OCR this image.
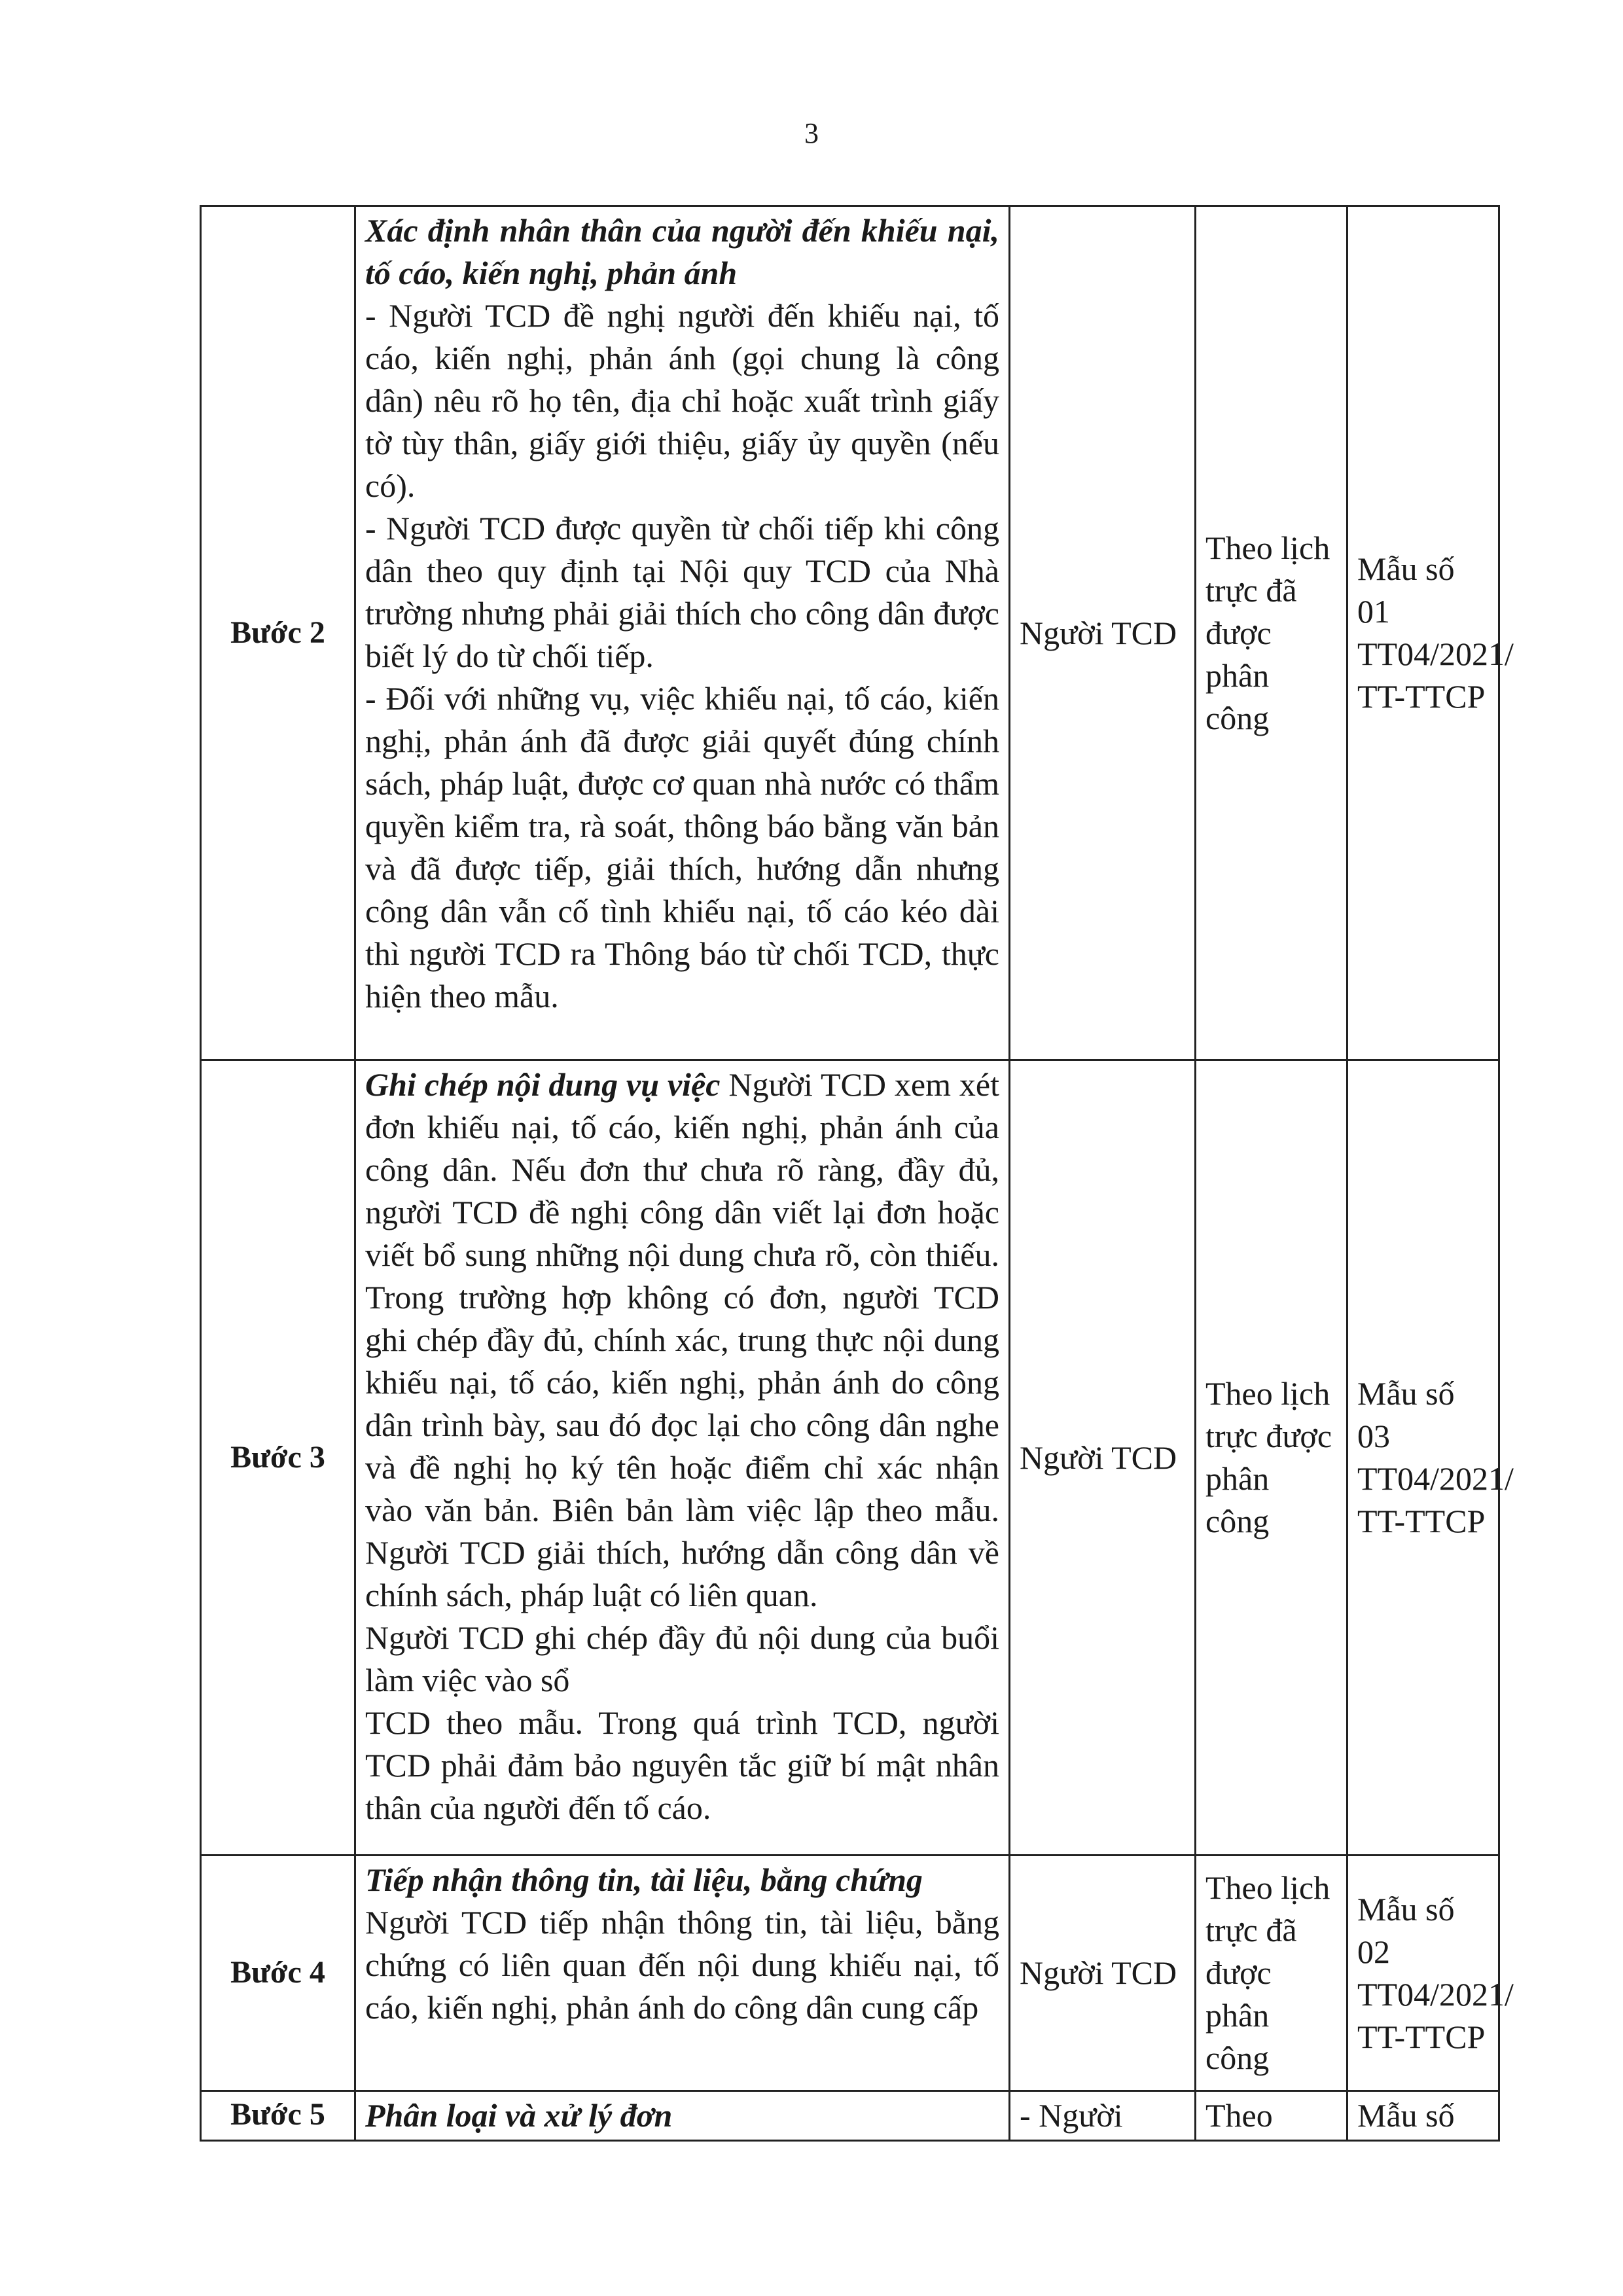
3
Bước 2	Xác định nhân thân của người đến khiếu nại, tố cáo, kiến nghị, phản ánh

- Người TCD đề nghị người đến khiếu nại, tố cáo, kiến nghị, phản ánh (gọi chung là công dân) nêu rõ họ tên, địa chỉ hoặc xuất trình giấy tờ tùy thân, giấy giới thiệu, giấy ủy quyền (nếu có).

- Người TCD được quyền từ chối tiếp khi công dân theo quy định tại Nội quy TCD của Nhà trường nhưng phải giải thích cho công dân được biết lý do từ chối tiếp.

- Đối với những vụ, việc khiếu nại, tố cáo, kiến nghị, phản ánh đã được giải quyết đúng chính sách, pháp luật, được cơ quan nhà nước có thẩm quyền kiểm tra, rà soát, thông báo bằng văn bản và đã được tiếp, giải thích, hướng dẫn nhưng công dân vẫn cố tình khiếu nại, tố cáo kéo dài thì người TCD ra Thông báo từ chối TCD, thực hiện theo mẫu.	Người TCD	Theo lịch trực đã được phân công	Mẫu số 01 TT04/2021/ TT-TTCP
Bước 3	Ghi chép nội dung vụ việc Người TCD xem xét đơn khiếu nại, tố cáo, kiến nghị, phản ánh của công dân. Nếu đơn thư chưa rõ ràng, đầy đủ, người TCD đề nghị công dân viết lại đơn hoặc viết bổ sung những nội dung chưa rõ, còn thiếu. Trong trường hợp không có đơn, người TCD ghi chép đầy đủ, chính xác, trung thực nội dung khiếu nại, tố cáo, kiến nghị, phản ánh do công dân trình bày, sau đó đọc lại cho công dân nghe và đề nghị họ ký tên hoặc điểm chỉ xác nhận vào văn bản. Biên bản làm việc lập theo mẫu. Người TCD giải thích, hướng dẫn công dân về chính sách, pháp luật có liên quan.

Người TCD ghi chép đầy đủ nội dung của buổi làm việc vào sổ

TCD theo mẫu. Trong quá trình TCD, người TCD phải đảm bảo nguyên tắc giữ bí mật nhân thân của người đến tố cáo.	Người TCD	Theo lịch trực được phân công	Mẫu số 03 TT04/2021/ TT-TTCP
Bước 4	Tiếp nhận thông tin, tài liệu, bằng chứng

Người TCD tiếp nhận thông tin, tài liệu, bằng chứng có liên quan đến nội dung khiếu nại, tố cáo, kiến nghị, phản ánh do công dân cung cấp	Người TCD	Theo lịch trực đã được phân công	Mẫu số 02 TT04/2021/ TT-TTCP
Bước 5	Phân loại và xử lý đơn	- Người	Theo	Mẫu số
